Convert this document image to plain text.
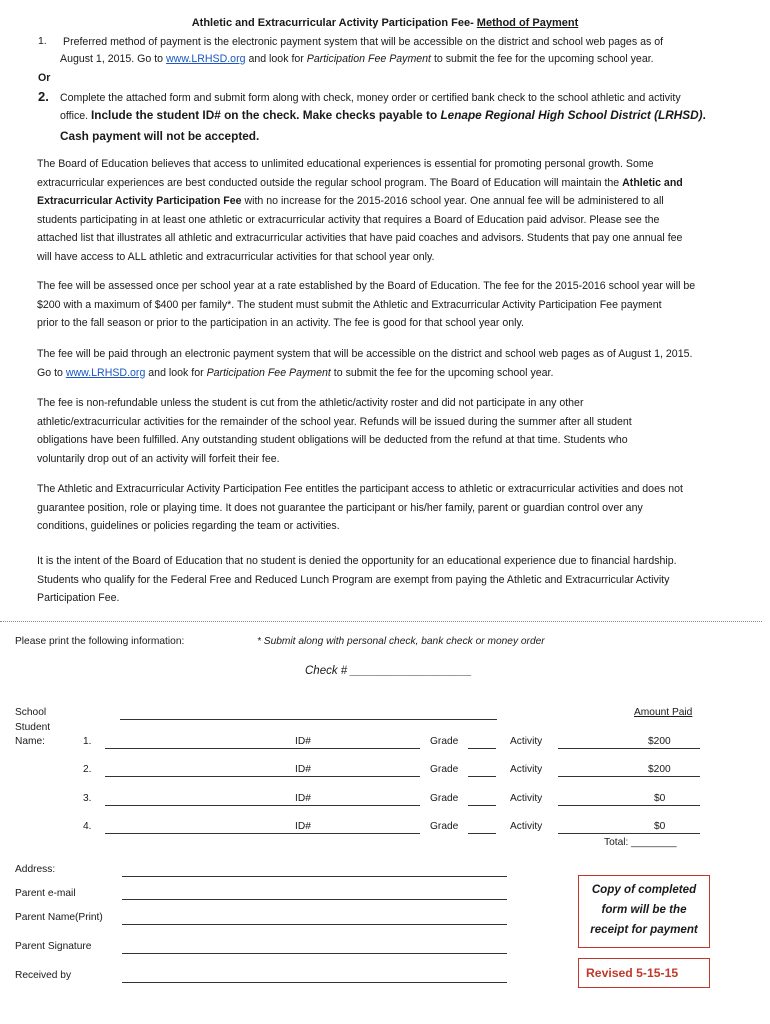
Athletic and Extracurricular Activity Participation Fee- Method of Payment
1. Preferred method of payment is the electronic payment system that will be accessible on the district and school web pages as of
August 1, 2015. Go to www.LRHSD.org and look for Participation Fee Payment to submit the fee for the upcoming school year.
Or
2. Complete the attached form and submit form along with check, money order or certified bank check to the school athletic and activity
office. Include the student ID# on the check. Make checks payable to Lenape Regional High School District (LRHSD).
Cash payment will not be accepted.
The Board of Education believes that access to unlimited educational experiences is essential for promoting personal growth. Some
extracurricular experiences are best conducted outside the regular school program. The Board of Education will maintain the Athletic and
Extracurricular Activity Participation Fee with no increase for the 2015-2016 school year. One annual fee will be administered to all
students participating in at least one athletic or extracurricular activity that requires a Board of Education paid advisor. Please see the
attached list that illustrates all athletic and extracurricular activities that have paid coaches and advisors. Students that pay one annual fee
will have access to ALL athletic and extracurricular activities for that school year only.
The fee will be assessed once per school year at a rate established by the Board of Education. The fee for the 2015-2016 school year will be
$200 with a maximum of $400 per family*. The student must submit the Athletic and Extracurricular Activity Participation Fee payment
prior to the fall season or prior to the participation in an activity. The fee is good for that school year only.
The fee will be paid through an electronic payment system that will be accessible on the district and school web pages as of August 1, 2015.
Go to www.LRHSD.org and look for Participation Fee Payment to submit the fee for the upcoming school year.
The fee is non-refundable unless the student is cut from the athletic/activity roster and did not participate in any other
athletic/extracurricular activities for the remainder of the school year. Refunds will be issued during the summer after all student
obligations have been fulfilled. Any outstanding student obligations will be deducted from the refund at that time. Students who
voluntarily drop out of an activity will forfeit their fee.
The Athletic and Extracurricular Activity Participation Fee entitles the participant access to athletic or extracurricular activities and does not
guarantee position, role or playing time. It does not guarantee the participant or his/her family, parent or guardian control over any
conditions, guidelines or policies regarding the team or activities.
It is the intent of the Board of Education that no student is denied the opportunity for an educational experience due to financial hardship.
Students who qualify for the Federal Free and Reduced Lunch Program are exempt from paying the Athletic and Extracurricular Activity
Participation Fee.
Please print the following information:	* Submit along with personal check, bank check or money order
Check # ___________________
School
Student
Name:
Amount Paid
1.	ID#	Grade	Activity	$200
2.	ID#	Grade	Activity	$200
3.	ID#	Grade	Activity	$0
4.	ID#	Grade	Activity	$0
Total: ________
Address:
Parent e-mail
Parent Name(Print)
Parent Signature
Received by
Copy of completed
form will be the
receipt for payment
Revised 5-15-15
